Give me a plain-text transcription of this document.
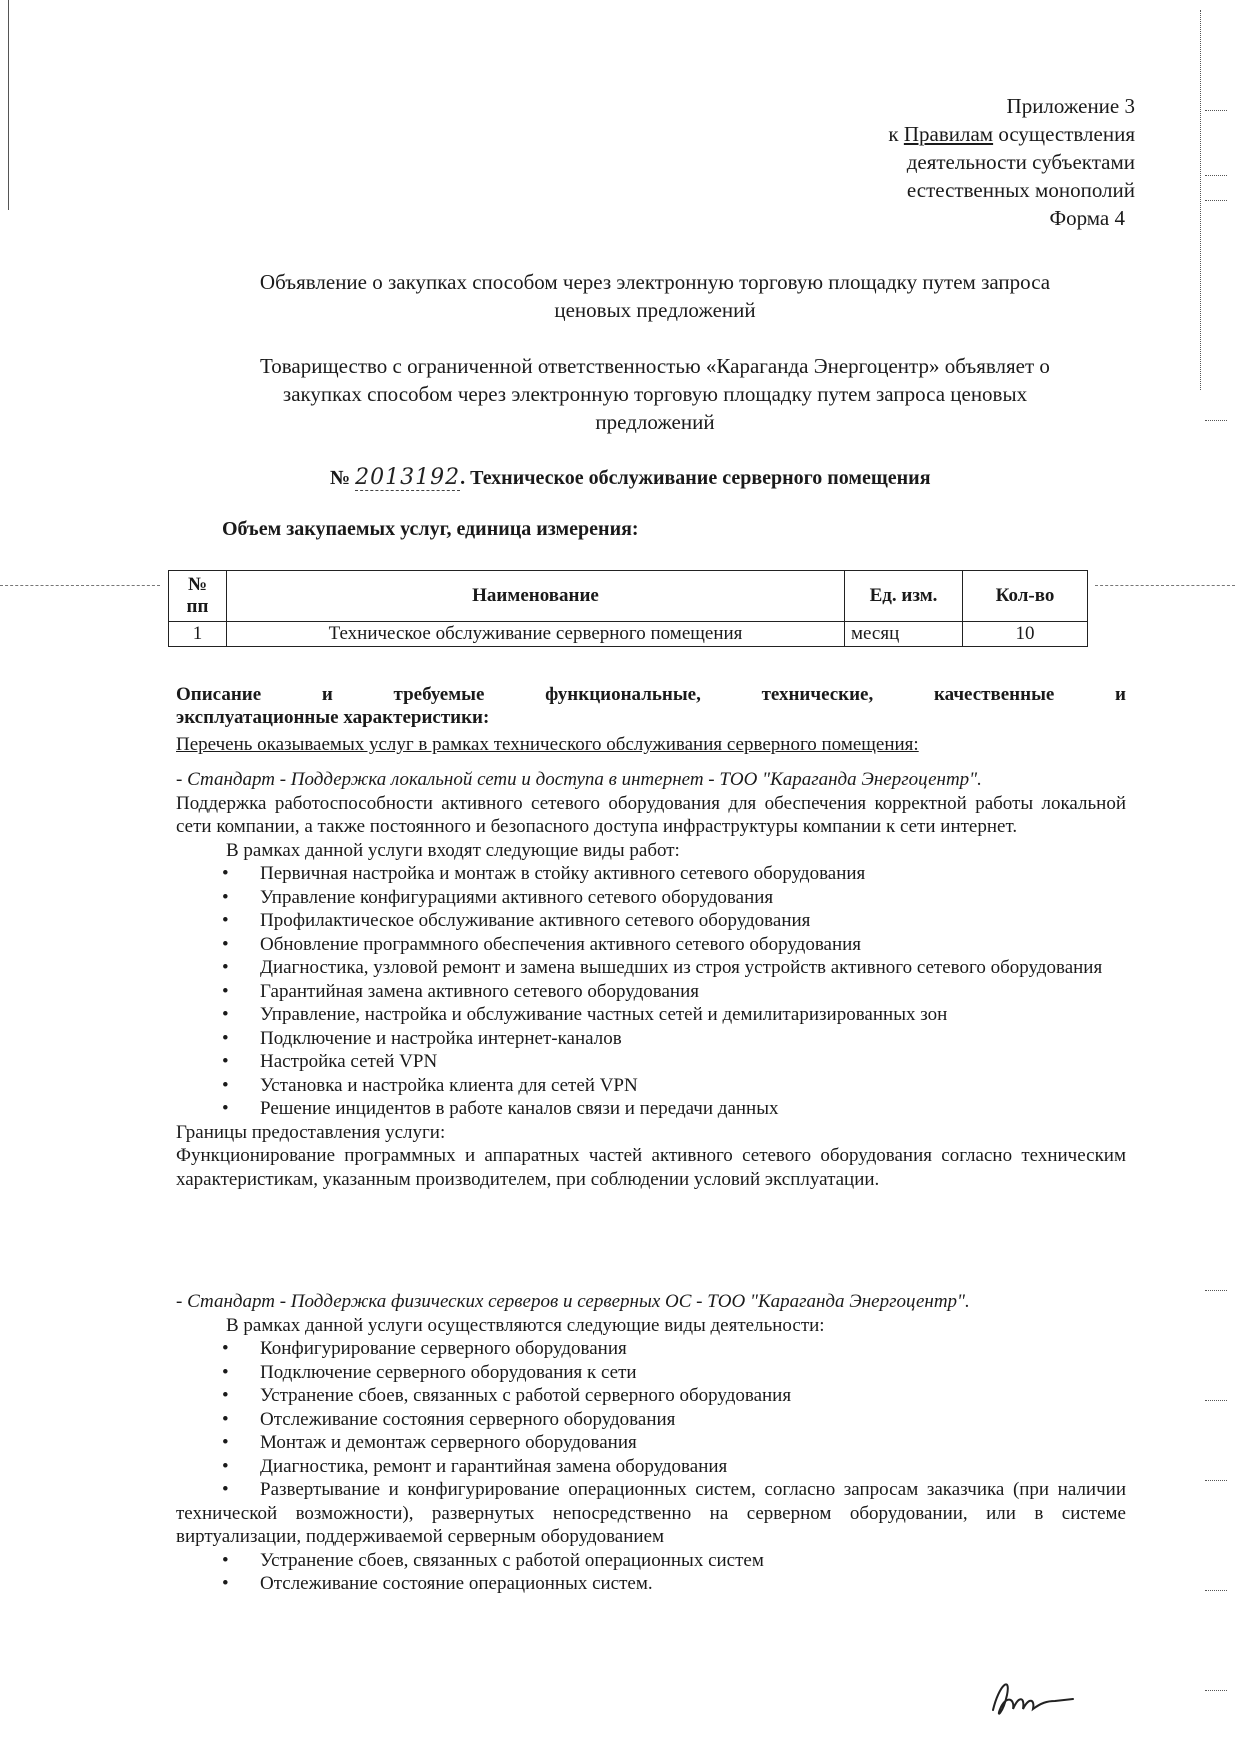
Приложение 3
к Правилам осуществления
деятельности субъектами
естественных монополий
Форма 4
Объявление о закупках способом через электронную торговую площадку путем запроса
ценовых предложений
Товарищество с ограниченной ответственностью «Караганда Энергоцентр» объявляет о
закупках способом через электронную торговую площадку путем запроса ценовых
предложений
№ 2013192. Техническое обслуживание серверного помещения
Объем закупаемых услуг, единица измерения:
№ пп	Наименование	Ед. изм.	Кол-во
1	Техническое обслуживание серверного помещения	месяц	10
Описание и требуемые функциональные, технические, качественные и
эксплуатационные характеристики:
Перечень оказываемых услуг в рамках технического обслуживания серверного помещения:
- Стандарт - Поддержка локальной сети и доступа в интернет - ТОО "Караганда Энергоцентр".
Поддержка работоспособности активного сетевого оборудования для обеспечения корректной работы локальной сети компании, а также постоянного и безопасного доступа инфраструктуры компании к сети интернет.
В рамках данной услуги входят следующие виды работ:
• Первичная настройка и монтаж в стойку активного сетевого оборудования
• Управление конфигурациями активного сетевого оборудования
• Профилактическое обслуживание активного сетевого оборудования
• Обновление программного обеспечения активного сетевого оборудования
• Диагностика, узловой ремонт и замена вышедших из строя устройств активного сетевого оборудования
• Гарантийная замена активного сетевого оборудования
• Управление, настройка и обслуживание частных сетей и демилитаризированных зон
• Подключение и настройка интернет-каналов
• Настройка сетей VPN
• Установка и настройка клиента для сетей VPN
• Решение инцидентов в работе каналов связи и передачи данных
Границы предоставления услуги:
Функционирование программных и аппаратных частей активного сетевого оборудования согласно техническим характеристикам, указанным производителем, при соблюдении условий эксплуатации.
- Стандарт - Поддержка физических серверов и серверных ОС - ТОО "Караганда Энергоцентр".
В рамках данной услуги осуществляются следующие виды деятельности:
• Конфигурирование серверного оборудования
• Подключение серверного оборудования к сети
• Устранение сбоев, связанных с работой серверного оборудования
• Отслеживание состояния серверного оборудования
• Монтаж и демонтаж серверного оборудования
• Диагностика, ремонт и гарантийная замена оборудования
• Развертывание и конфигурирование операционных систем, согласно запросам заказчика (при наличии технической возможности), развернутых непосредственно на серверном оборудовании, или в системе виртуализации, поддерживаемой серверным оборудованием
• Устранение сбоев, связанных с работой операционных систем
• Отслеживание состояние операционных систем.
